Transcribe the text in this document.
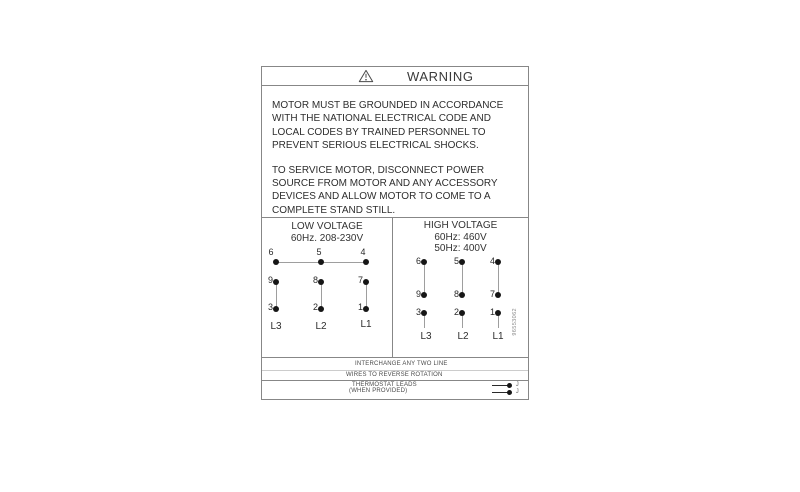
WARNING
MOTOR MUST BE GROUNDED IN ACCORDANCE
WITH THE NATIONAL ELECTRICAL CODE AND
LOCAL CODES BY TRAINED PERSONNEL TO
PREVENT SERIOUS ELECTRICAL SHOCKS.
TO SERVICE MOTOR, DISCONNECT POWER
SOURCE FROM MOTOR AND ANY ACCESSORY
DEVICES AND ALLOW MOTOR TO COME TO A
COMPLETE STAND STILL.
LOW VOLTAGE
60Hz. 208-230V
6	5	4
9	8	7
3	2	1
L3	L2	L1
HIGH VOLTAGE
60Hz: 460V
50Hz: 400V
6	5	4
9	8	7
3	2	1
L3	L2 L1
96553062
INTERCHANGE ANY TWO LINE
WIRES TO REVERSE ROTATION
THERMOSTAT LEADS
(WHEN PROVIDED)
J
J
